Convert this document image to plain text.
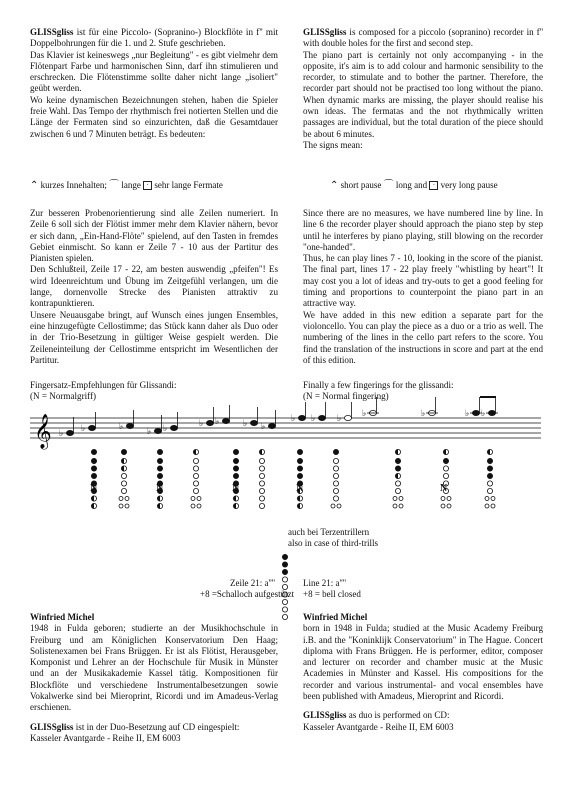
GLISSgliss ist für eine Piccolo- (Sopranino-) Blockflöte in f'' mit Doppelbohrungen für die 1. und 2. Stufe geschrieben.

Das Klavier ist keineswegs „nur Begleitung" - es gibt vielmehr dem Flötenpart Farbe und harmonischen Sinn, darf ihn stimulieren und erschrecken. Die Flötenstimme sollte daher nicht lange „isoliert" geübt werden.

Wo keine dynamischen Bezeichnungen stehen, haben die Spieler freie Wahl. Das Tempo der rhythmisch frei notierten Stellen und die Länge der Fermaten sind so einzurichten, daß die Gesamtdauer zwischen 6 und 7 Minuten beträgt. Es bedeuten:

⌃ kurzes Innehalten; ⌒ lange · sehr lange Fermate

Zur besseren Probenorientierung sind alle Zeilen numeriert. In Zeile 6 soll sich der Flötist immer mehr dem Klavier nähern, bevor er sich dann, „Ein-Hand-Flöte" spielend, auf den Tasten in fremdes Gebiet einmischt. So kann er Zeile 7 - 10 aus der Partitur des Pianisten spielen.

Den Schlußteil, Zeile 17 - 22, am besten auswendig „pfeifen"! Es wird Ideenreichtum und Übung im Zeitgefühl verlangen, um die lange, dornenvolle Strecke des Pianisten attraktiv zu kontrapunktieren.

Unsere Neuausgabe bringt, auf Wunsch eines jungen Ensembles, eine hinzugefügte Cellostimme; das Stück kann daher als Duo oder in der Trio-Besetzung in gültiger Weise gespielt werden. Die Zeileneinteilung der Cellostimme entspricht im Wesentlichen der Partitur.

Fingersatz-Empfehlungen für Glissandi:
(N = Normalgriff)

GLISSgliss is composed for a piccolo (sopranino) recorder in f'' with double holes for the first and second step.

The piano part is certainly not only accompanying - in the opposite, it's aim is to add colour and harmonic sensibility to the recorder, to stimulate and to bother the partner. Therefore, the recorder part should not be practised too long without the piano. When dynamic marks are missing, the player should realise his own ideas. The fermatas and the not rhythmically written passages are individual, but the total duration of the piece should be about 6 minutes.

The signs mean:

⌃ short pause ⌒ long and · very long pause

Since there are no measures, we have numbered line by line. In line 6 the recorder player should approach the piano step by step until he interferes by piano playing, still blowing on the recorder "one-handed".

Thus, he can play lines 7 - 10, looking in the score of the pianist. The final part, lines 17 - 22 play freely "whistling by heart"! It may cost you a lot of ideas and try-outs to get a good feeling for timing and proportions to counterpoint the piano part in an attractive way.

We have added in this new edition a separate part for the violoncello. You can play the piece as a duo or a trio as well. The numbering of the lines in the cello part refers to the score. You find the translation of the instructions in score and part at the end of this edition.

Finally a few fingerings for the glissandi:
(N = Normal fingering)
𝄞 ♭ ♭	♭	♭ ♭	♭ ♭	♭ ♭
♭ ♭ ♭ ♭	♭	♭ ♭
N	N	N	N	N
auch bei Terzentrillern
also in case of third-trills
Zeile 21: a''''
+8 =Schalloch aufgestützt
Line 21: a''''
+8 = bell closed

Winfried Michel

1948 in Fulda geboren; studierte an der Musikhochschule in Freiburg und am Königlichen Konservatorium Den Haag; Solistenexamen bei Frans Brüggen. Er ist als Flötist, Herausgeber, Komponist und Lehrer an der Hochschule für Musik in Münster und an der Musikakademie Kassel tätig. Kompositionen für Blockflöte und verschiedene Instrumentalbesetzungen sowie Vokalwerke sind bei Mieroprint, Ricordi und im Amadeus-Verlag erschienen.

GLISSgliss ist in der Duo-Besetzung auf CD eingespielt:

Kasseler Avantgarde - Reihe II, EM 6003

Winfried Michel

born in 1948 in Fulda; studied at the Music Academy Freiburg i.B. and the "Koninklijk Conservatorium" in The Hague. Concert diploma with Frans Brüggen. He is performer, editor, composer and lecturer on recorder and chamber music at the Music Academies in Münster and Kassel. His compositions for the recorder and various instrumental- and vocal ensembles have been published with Amadeus, Mieroprint and Ricordi.

GLISSgliss as duo is performed on CD:

Kasseler Avantgarde - Reihe II, EM 6003
